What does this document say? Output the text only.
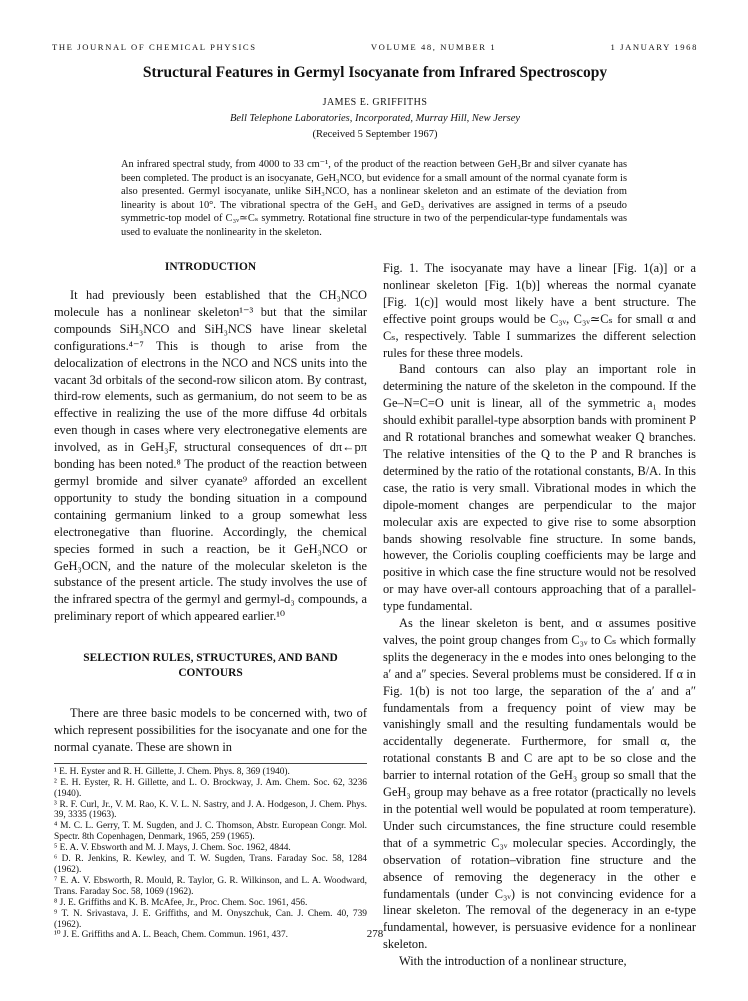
THE JOURNAL OF CHEMICAL PHYSICS	VOLUME 48, NUMBER 1	1 JANUARY 1968
Structural Features in Germyl Isocyanate from Infrared Spectroscopy
JAMES E. GRIFFITHS
Bell Telephone Laboratories, Incorporated, Murray Hill, New Jersey
(Received 5 September 1967)

An infrared spectral study, from 4000 to 33 cm⁻¹, of the product of the reaction between GeH₃Br and silver cyanate has been completed. The product is an isocyanate, GeH₃NCO, but evidence for a small amount of the normal cyanate form is also presented. Germyl isocyanate, unlike SiH₃NCO, has a nonlinear skeleton and an estimate of the deviation from linearity is about 10°. The vibrational spectra of the GeH₃ and GeD₃ derivatives are assigned in terms of a pseudo symmetric-top model of C₃ᵥ≃Cₛ symmetry. Rotational fine structure in two of the perpendicular-type fundamentals was used to evaluate the nonlinearity in the skeleton.

INTRODUCTION

It had previously been established that the CH₃NCO molecule has a nonlinear skeleton¹⁻³ but that the similar compounds SiH₃NCO and SiH₃NCS have linear skeletal configurations.⁴⁻⁷ This is though to arise from the delocalization of electrons in the NCO and NCS units into the vacant 3d orbitals of the second-row silicon atom. By contrast, third-row elements, such as germanium, do not seem to be as effective in realizing the use of the more diffuse 4d orbitals even though in cases where very electronegative elements are involved, as in GeH₃F, structural consequences of dπ←pπ bonding has been noted.⁸ The product of the reaction between germyl bromide and silver cyanate⁹ afforded an excellent opportunity to study the bonding situation in a compound containing germanium linked to a group somewhat less electronegative than fluorine. Accordingly, the chemical species formed in such a reaction, be it GeH₃NCO or GeH₃OCN, and the nature of the molecular skeleton is the substance of the present article. The study involves the use of the infrared spectra of the germyl and germyl-d₃ compounds, a preliminary report of which appeared earlier.¹⁰

SELECTION RULES, STRUCTURES, AND BAND CONTOURS

There are three basic models to be concerned with, two of which represent possibilities for the isocyanate and one for the normal cyanate. These are shown in

¹ E. H. Eyster and R. H. Gillette, J. Chem. Phys. 8, 369 (1940).
² E. H. Eyster, R. H. Gillette, and L. O. Brockway, J. Am. Chem. Soc. 62, 3236 (1940).
³ R. F. Curl, Jr., V. M. Rao, K. V. L. N. Sastry, and J. A. Hodgeson, J. Chem. Phys. 39, 3335 (1963).
⁴ M. C. L. Gerry, T. M. Sugden, and J. C. Thomson, Abstr. European Congr. Mol. Spectr. 8th Copenhagen, Denmark, 1965, 259 (1965).
⁵ E. A. V. Ebsworth and M. J. Mays, J. Chem. Soc. 1962, 4844.
⁶ D. R. Jenkins, R. Kewley, and T. W. Sugden, Trans. Faraday Soc. 58, 1284 (1962).
⁷ E. A. V. Ebsworth, R. Mould, R. Taylor, G. R. Wilkinson, and L. A. Woodward, Trans. Faraday Soc. 58, 1069 (1962).
⁸ J. E. Griffiths and K. B. McAfee, Jr., Proc. Chem. Soc. 1961, 456.
⁹ T. N. Srivastava, J. E. Griffiths, and M. Onyszchuk, Can. J. Chem. 40, 739 (1962).
¹⁰ J. E. Griffiths and A. L. Beach, Chem. Commun. 1961, 437.

Fig. 1. The isocyanate may have a linear [Fig. 1(a)] or a nonlinear skeleton [Fig. 1(b)] whereas the normal cyanate [Fig. 1(c)] would most likely have a bent structure. The effective point groups would be C₃ᵥ, C₃ᵥ≃Cₛ for small α and Cₛ, respectively. Table I summarizes the different selection rules for these three models.

Band contours can also play an important role in determining the nature of the skeleton in the compound. If the Ge–N=C=O unit is linear, all of the symmetric a₁ modes should exhibit parallel-type absorption bands with prominent P and R rotational branches and somewhat weaker Q branches. The relative intensities of the Q to the P and R branches is determined by the ratio of the rotational constants, B/A. In this case, the ratio is very small. Vibrational modes in which the dipole-moment changes are perpendicular to the major molecular axis are expected to give rise to some absorption bands showing resolvable fine structure. In some bands, however, the Coriolis coupling coefficients may be large and positive in which case the fine structure would not be resolved or may have over-all contours approaching that of a parallel-type fundamental.

As the linear skeleton is bent, and α assumes positive valves, the point group changes from C₃ᵥ to Cₛ which formally splits the degeneracy in the e modes into ones belonging to the a′ and a″ species. Several problems must be considered. If α in Fig. 1(b) is not too large, the separation of the a′ and a″ fundamentals from a frequency point of view may be vanishingly small and the resulting fundamentals would be accidentally degenerate. Furthermore, for small α, the rotational constants B and C are apt to be so close and the barrier to internal rotation of the GeH₃ group so small that the GeH₃ group may behave as a free rotator (practically no levels in the potential well would be populated at room temperature). Under such circumstances, the fine structure could resemble that of a symmetric C₃ᵥ molecular species. Accordingly, the observation of rotation–vibration fine structure and the absence of removing the degeneracy in the other e fundamentals (under C₃ᵥ) is not convincing evidence for a linear skeleton. The removal of the degeneracy in an e-type fundamental, however, is persuasive evidence for a nonlinear skeleton.

With the introduction of a nonlinear structure,

278
